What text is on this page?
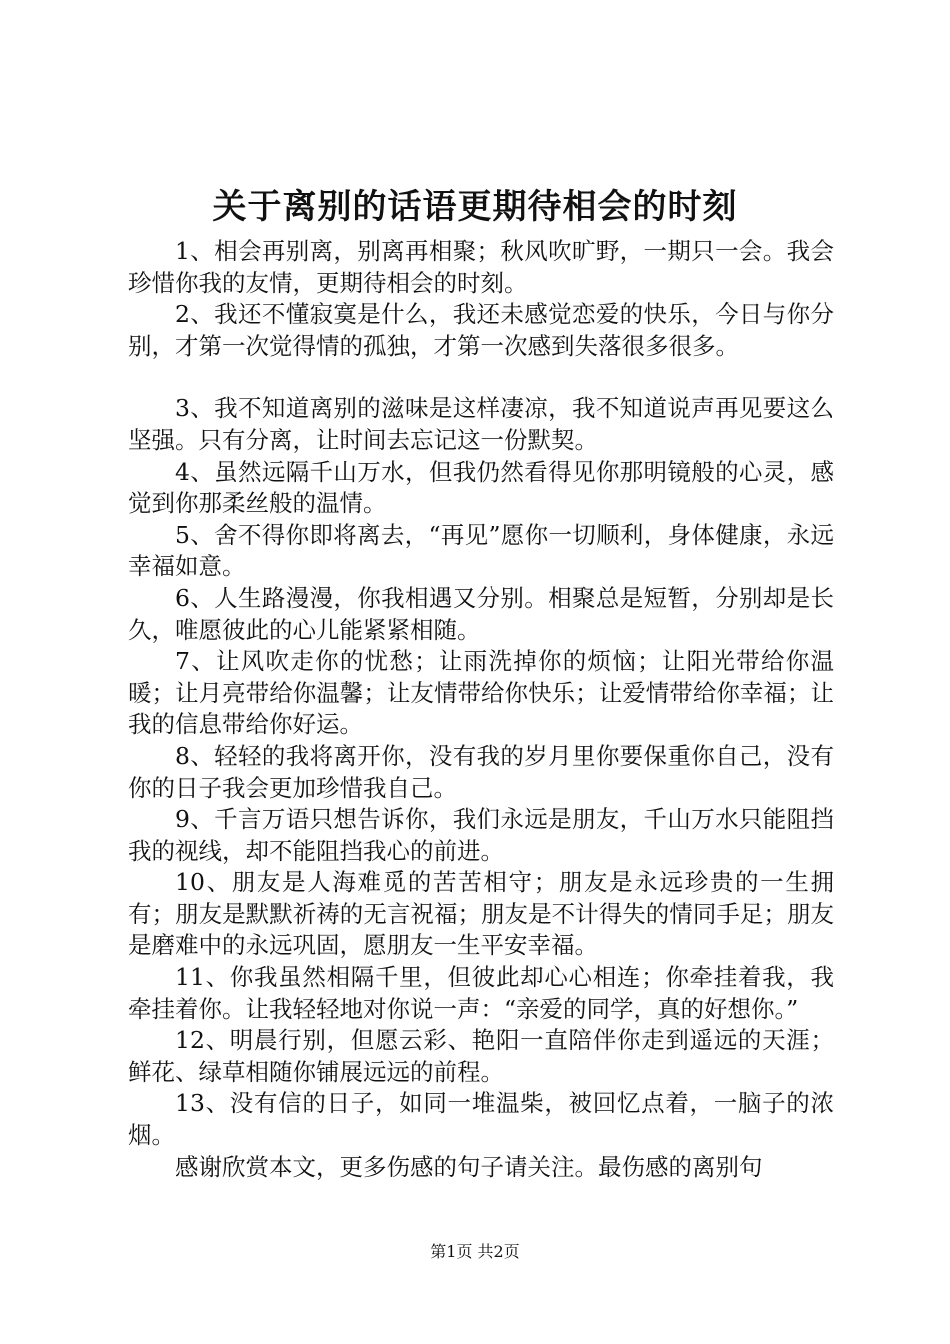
关于离别的话语更期待相会的时刻

1、相会再别离，别离再相聚；秋风吹旷野，一期只一会。我会珍惜你我的友情，更期待相会的时刻。

2、我还不懂寂寞是什么，我还未感觉恋爱的快乐，今日与你分别，才第一次觉得情的孤独，才第一次感到失落很多很多。

3、我不知道离别的滋味是这样凄凉，我不知道说声再见要这么坚强。只有分离，让时间去忘记这一份默契。

4、虽然远隔千山万水，但我仍然看得见你那明镜般的心灵，感觉到你那柔丝般的温情。

5、舍不得你即将离去，“再见”愿你一切顺利，身体健康，永远幸福如意。

6、人生路漫漫，你我相遇又分别。相聚总是短暂，分别却是长久，唯愿彼此的心儿能紧紧相随。

7、让风吹走你的忧愁；让雨洗掉你的烦恼；让阳光带给你温暖；让月亮带给你温馨；让友情带给你快乐；让爱情带给你幸福；让我的信息带给你好运。

8、轻轻的我将离开你，没有我的岁月里你要保重你自己，没有你的日子我会更加珍惜我自己。

9、千言万语只想告诉你，我们永远是朋友，千山万水只能阻挡我的视线，却不能阻挡我心的前进。

10、朋友是人海难觅的苦苦相守；朋友是永远珍贵的一生拥有；朋友是默默祈祷的无言祝福；朋友是不计得失的情同手足；朋友是磨难中的永远巩固，愿朋友一生平安幸福。

11、你我虽然相隔千里，但彼此却心心相连；你牵挂着我，我牵挂着你。让我轻轻地对你说一声：“亲爱的同学，真的好想你。”

12、明晨行别，但愿云彩、艳阳一直陪伴你走到遥远的天涯；鲜花、绿草相随你铺展远远的前程。

13、没有信的日子，如同一堆温柴，被回忆点着，一脑子的浓烟。

感谢欣赏本文，更多伤感的句子请关注。最伤感的离别句

第1页 共2页
